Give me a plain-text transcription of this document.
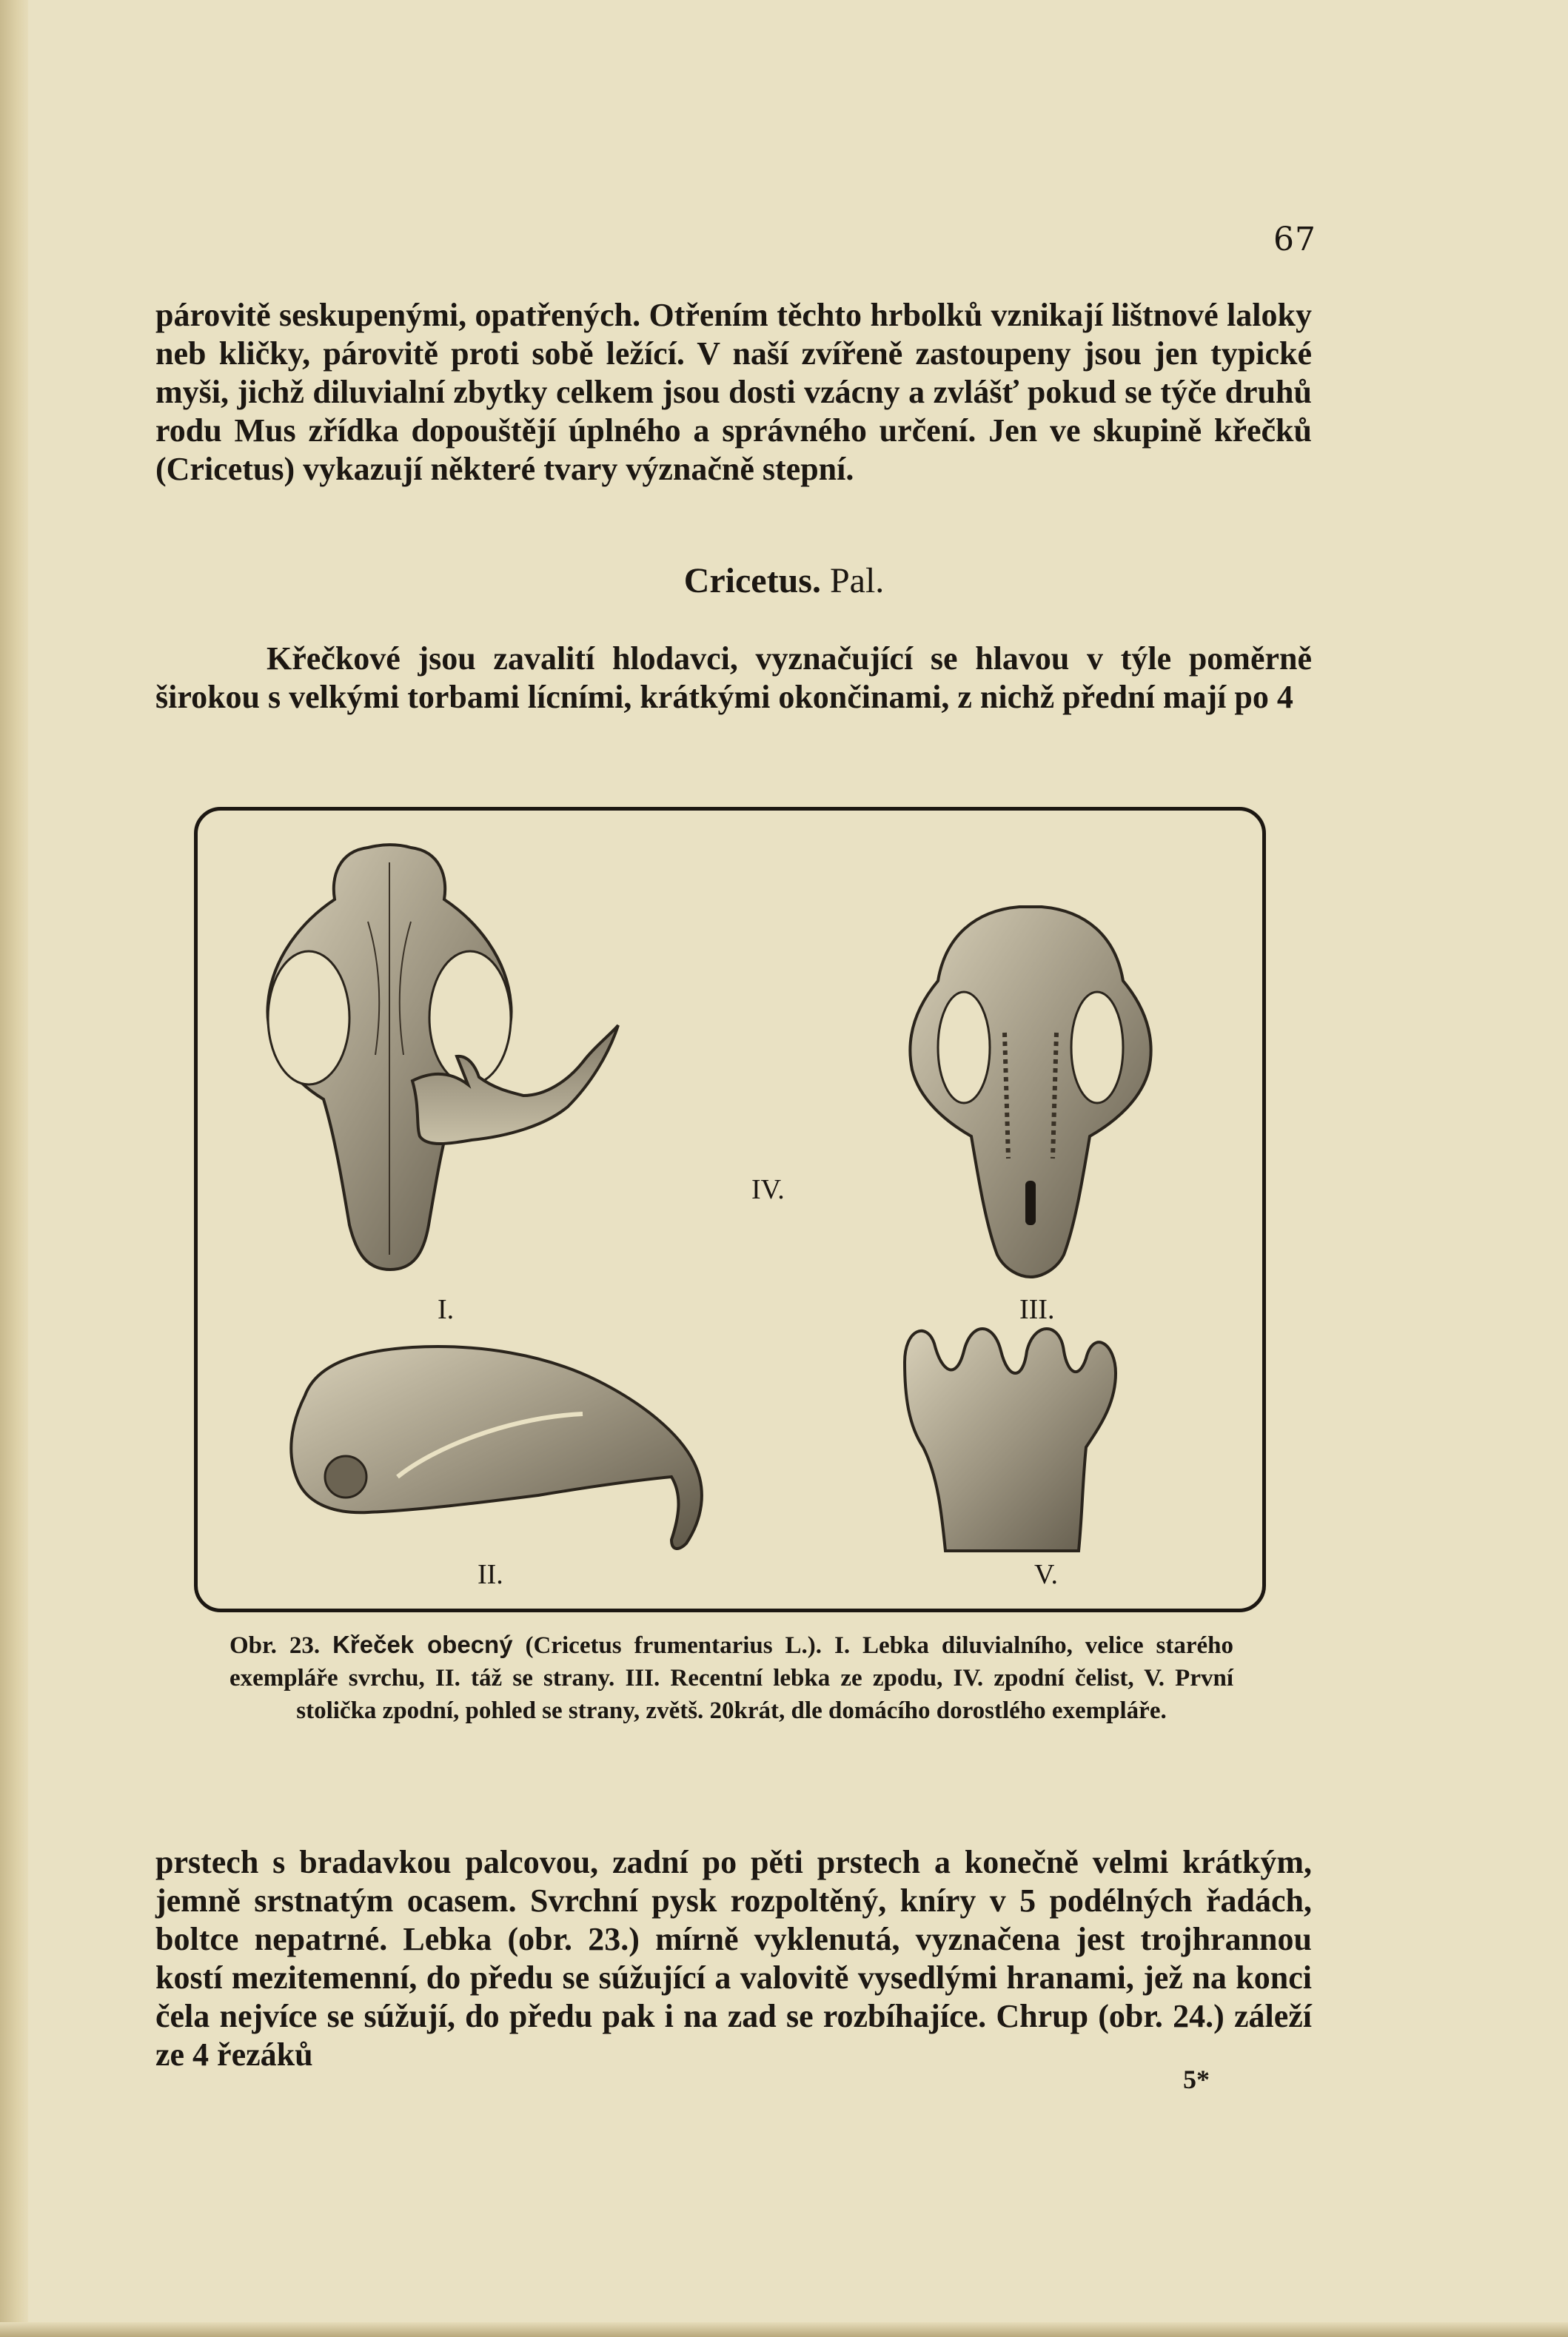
67

párovitě seskupenými, opatřených. Otřením těchto hrbolků vznikají lištnové laloky neb kličky, párovitě proti sobě ležící. V naší zvířeně zastoupeny jsou jen typické myši, jichž diluvialní zbytky celkem jsou dosti vzácny a zvlášť pokud se týče druhů rodu Mus zřídka dopouštějí úplného a správného určení. Jen ve skupině křečků (Cricetus) vykazují některé tvary význačně stepní.

Cricetus. Pal.

Křečkové jsou zavalití hlodavci, vyznačující se hlavou v týle poměrně širokou s velkými torbami lícními, krátkými okončinami, z nichž přední mají po 4

I.
IV.
III.
II.	V.
Obr. 23. Křeček obecný (Cricetus frumentarius L.). I. Lebka diluvialního, velice starého exempláře svrchu, II. táž se strany. III. Recentní lebka ze zpodu, IV. zpodní čelist, V. První stolička zpodní, pohled se strany, zvětš. 20krát, dle domácího dorostlého exempláře.

prstech s bradavkou palcovou, zadní po pěti prstech a konečně velmi krátkým, jemně srstnatým ocasem. Svrchní pysk rozpoltěný, kníry v 5 podélných řadách, boltce nepatrné. Lebka (obr. 23.) mírně vyklenutá, vyznačena jest trojhrannou kostí mezitemenní, do předu se súžující a valovitě vysedlými hranami, jež na konci čela nejvíce se súžují, do předu pak i na zad se rozbíhajíce. Chrup (obr. 24.) záleží ze 4 řezáků

5*
